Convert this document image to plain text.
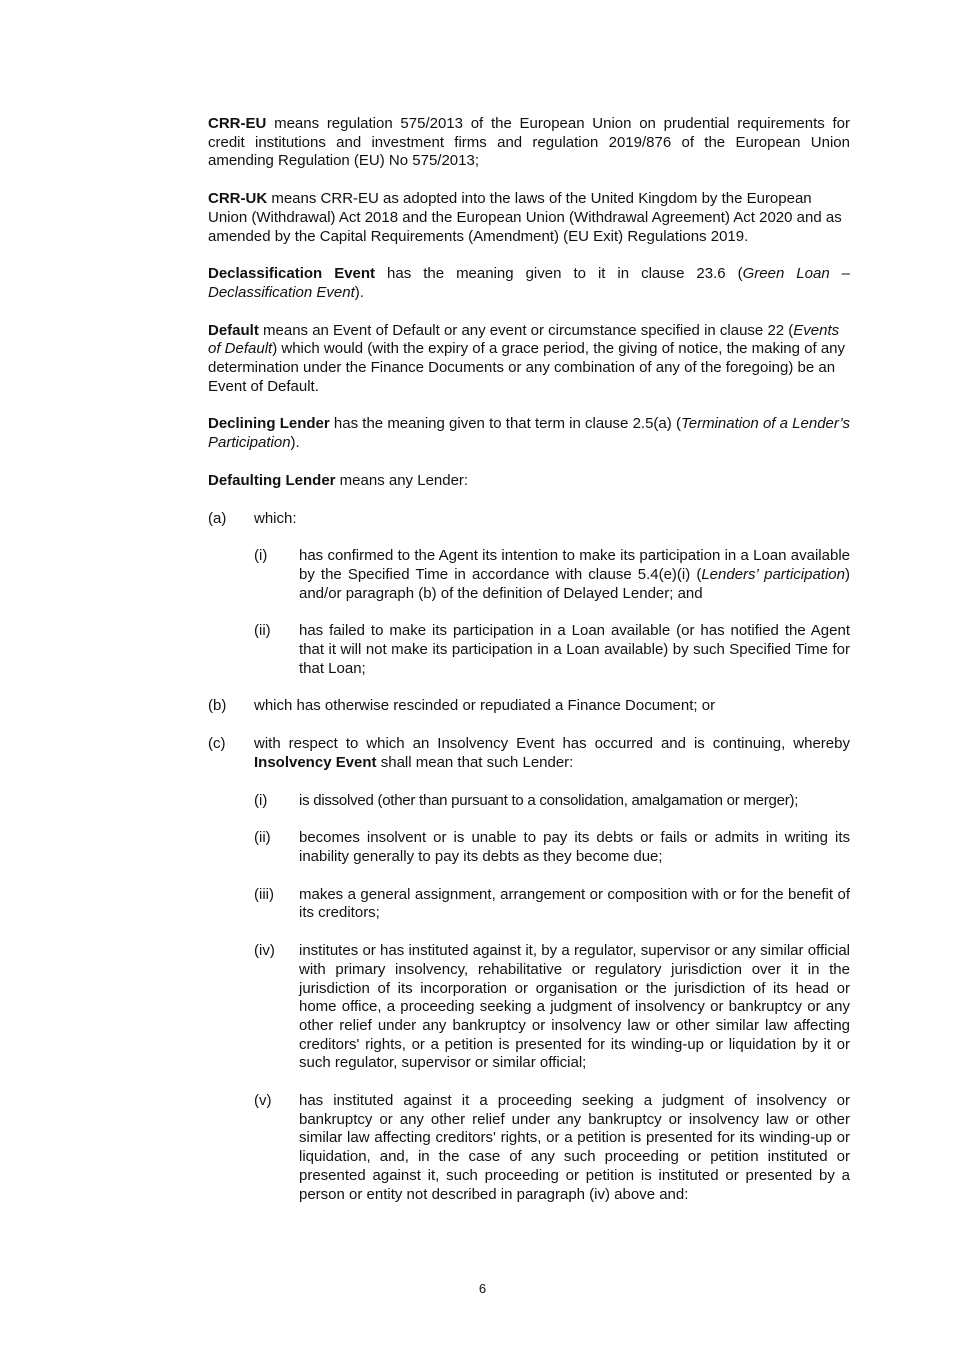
CRR-EU means regulation 575/2013 of the European Union on prudential requirements for credit institutions and investment firms and regulation 2019/876 of the European Union amending Regulation (EU) No 575/2013;

CRR-UK means CRR-EU as adopted into the laws of the United Kingdom by the European Union (Withdrawal) Act 2018 and the European Union (Withdrawal Agreement) Act 2020 and as amended by the Capital Requirements (Amendment) (EU Exit) Regulations 2019.

Declassification Event has the meaning given to it in clause 23.6 (Green Loan – Declassification Event).

Default means an Event of Default or any event or circumstance specified in clause 22 (Events of Default) which would (with the expiry of a grace period, the giving of notice, the making of any determination under the Finance Documents or any combination of any of the foregoing) be an Event of Default.

Declining Lender has the meaning given to that term in clause 2.5(a) (Termination of a Lender’s Participation).

Defaulting Lender means any Lender:

(a) which:

(i) has confirmed to the Agent its intention to make its participation in a Loan available by the Specified Time in accordance with clause 5.4(e)(i) (Lenders’ participation) and/or paragraph (b) of the definition of Delayed Lender; and

(ii) has failed to make its participation in a Loan available (or has notified the Agent that it will not make its participation in a Loan available) by such Specified Time for that Loan;

(b) which has otherwise rescinded or repudiated a Finance Document; or

(c) with respect to which an Insolvency Event has occurred and is continuing, whereby Insolvency Event shall mean that such Lender:

(i) is dissolved (other than pursuant to a consolidation, amalgamation or merger);

(ii) becomes insolvent or is unable to pay its debts or fails or admits in writing its inability generally to pay its debts as they become due;

(iii) makes a general assignment, arrangement or composition with or for the benefit of its creditors;

(iv) institutes or has instituted against it, by a regulator, supervisor or any similar official with primary insolvency, rehabilitative or regulatory jurisdiction over it in the jurisdiction of its incorporation or organisation or the jurisdiction of its head or home office, a proceeding seeking a judgment of insolvency or bankruptcy or any other relief under any bankruptcy or insolvency law or other similar law affecting creditors' rights, or a petition is presented for its winding-up or liquidation by it or such regulator, supervisor or similar official;

(v) has instituted against it a proceeding seeking a judgment of insolvency or bankruptcy or any other relief under any bankruptcy or insolvency law or other similar law affecting creditors' rights, or a petition is presented for its winding-up or liquidation, and, in the case of any such proceeding or petition instituted or presented against it, such proceeding or petition is instituted or presented by a person or entity not described in paragraph (iv) above and:

6
